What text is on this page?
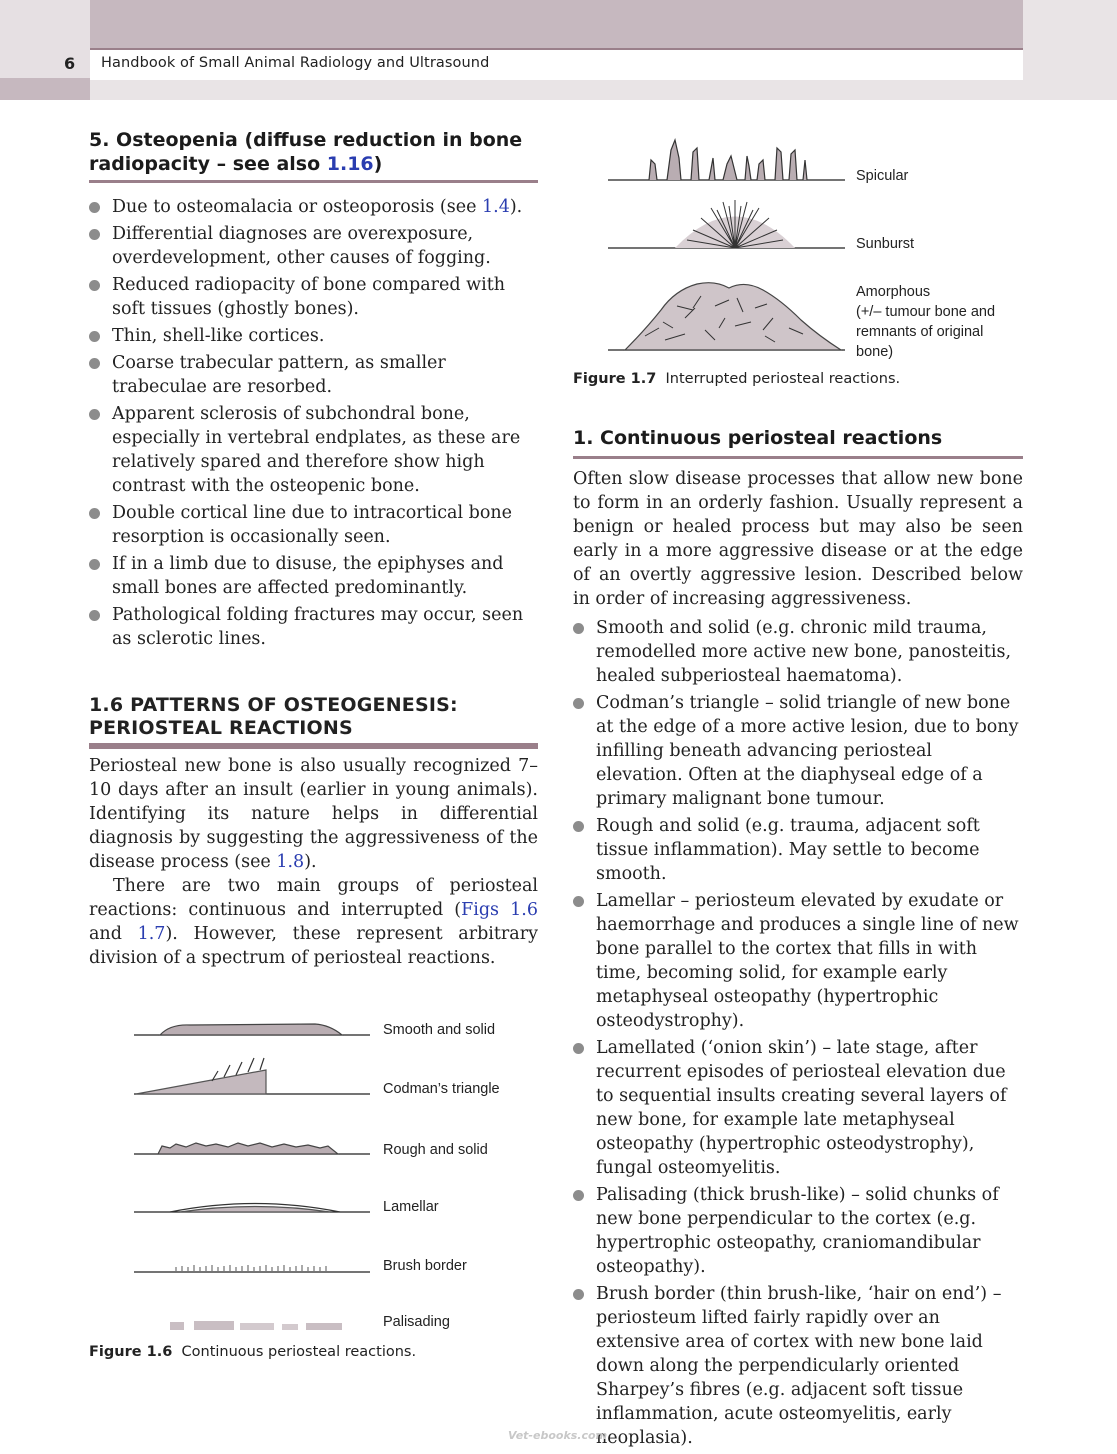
6 Handbook of Small Animal Radiology and Ultrasound
5. Osteopenia (diffuse reduction in bone radiopacity – see also 1.16)
Due to osteomalacia or osteoporosis (see 1.4).
Differential diagnoses are overexposure, overdevelopment, other causes of fogging.
Reduced radiopacity of bone compared with soft tissues (ghostly bones).
Thin, shell-like cortices.
Coarse trabecular pattern, as smaller trabeculae are resorbed.
Apparent sclerosis of subchondral bone, especially in vertebral endplates, as these are relatively spared and therefore show high contrast with the osteopenic bone.
Double cortical line due to intracortical bone resorption is occasionally seen.
If in a limb due to disuse, the epiphyses and small bones are affected predominantly.
Pathological folding fractures may occur, seen as sclerotic lines.
1.6 PATTERNS OF OSTEOGENESIS:
PERIOSTEAL REACTIONS

Periosteal new bone is also usually recognized 7–10 days after an insult (earlier in young animals). Identifying its nature helps in differential diagnosis by suggesting the aggressiveness of the disease process (see 1.8).

There are two main groups of periosteal reactions: continuous and interrupted (Figs 1.6 and 1.7). However, these represent arbitrary division of a spectrum of periosteal reactions.

Smooth and solid
Codman’s triangle
Rough and solid
Lamellar
Brush border
Palisading
Figure 1.6 Continuous periosteal reactions.
Spicular
Sunburst
Amorphous
(+/– tumour bone and
remnants of original
bone)
Figure 1.7 Interrupted periosteal reactions.
1. Continuous periosteal reactions

Often slow disease processes that allow new bone to form in an orderly fashion. Usually represent a benign or healed process but may also be seen early in a more aggressive disease or at the edge of an overtly aggressive lesion. Described below in order of increasing aggressiveness.

Smooth and solid (e.g. chronic mild trauma, remodelled more active new bone, panosteitis, healed subperiosteal haematoma).
Codman’s triangle – solid triangle of new bone at the edge of a more active lesion, due to bony infilling beneath advancing periosteal elevation. Often at the diaphyseal edge of a primary malignant bone tumour.
Rough and solid (e.g. trauma, adjacent soft tissue inflammation). May settle to become smooth.
Lamellar – periosteum elevated by exudate or haemorrhage and produces a single line of new bone parallel to the cortex that fills in with time, becoming solid, for example early metaphyseal osteopathy (hypertrophic osteodystrophy).
Lamellated (‘onion skin’) – late stage, after recurrent episodes of periosteal elevation due to sequential insults creating several layers of new bone, for example late metaphyseal osteopathy (hypertrophic osteodystrophy), fungal osteomyelitis.
Palisading (thick brush-like) – solid chunks of new bone perpendicular to the cortex (e.g. hypertrophic osteopathy, craniomandibular osteopathy).
Brush border (thin brush-like, ‘hair on end’) – periosteum lifted fairly rapidly over an extensive area of cortex with new bone laid down along the perpendicularly oriented Sharpey’s fibres (e.g. adjacent soft tissue inflammation, acute osteomyelitis, early neoplasia).
Vet-ebooks.com
